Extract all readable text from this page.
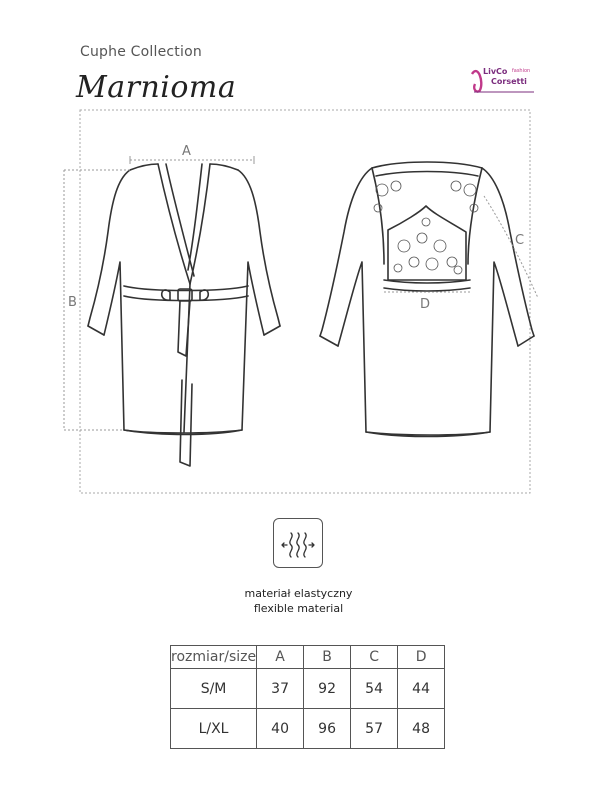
Cuphe Collection
Marnioma	LivCo fashion
Corsetti
A
B
C
D
materiał elastyczny
flexible material
rozmiar/size	A	B	C	D
S/M	37	92	54	44
L/XL	40	96	57	48
